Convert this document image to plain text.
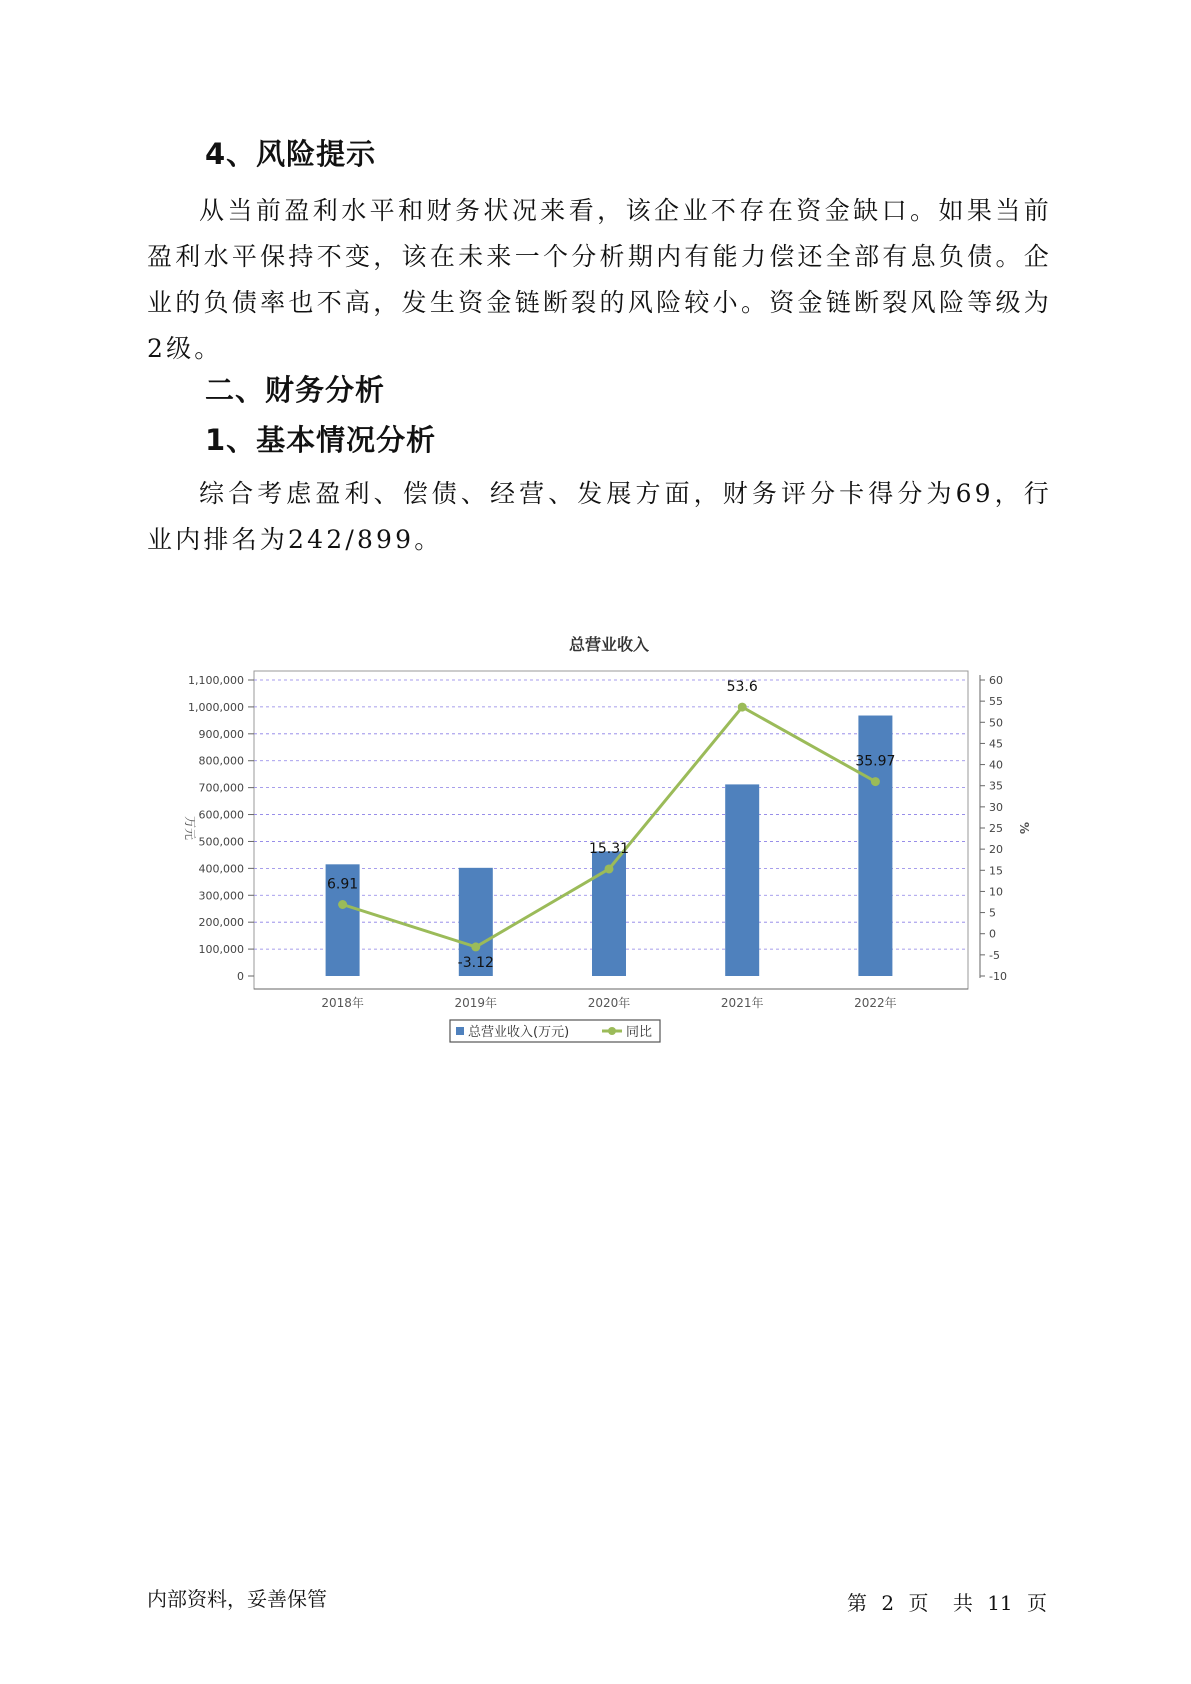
4、风险提示

从当前盈利水平和财务状况来看，该企业不存在资金缺口。如果当前盈利水平保持不变，该在未来一个分析期内有能力偿还全部有息负债。企业的负债率也不高，发生资金链断裂的风险较小。资金链断裂风险等级为2级。

二、财务分析
1、基本情况分析

综合考虑盈利、偿债、经营、发展方面，财务评分卡得分为69，行业内排名为242/899。

总营业收入
0
100,000
200,000
300,000
400,000
500,000
600,000
700,000
800,000
900,000
1,000,000
1,100,000
-10
-5
0
5
10
15
20
25
30
35
40
45
50
55
60
万元	%
2018年	2019年	2020年	2021年	2022年
6.91
-3.12
15.31
53.6
35.97
总营业收入(万元)	同比
内部资料，妥善保管	第 2 页 共 11 页
